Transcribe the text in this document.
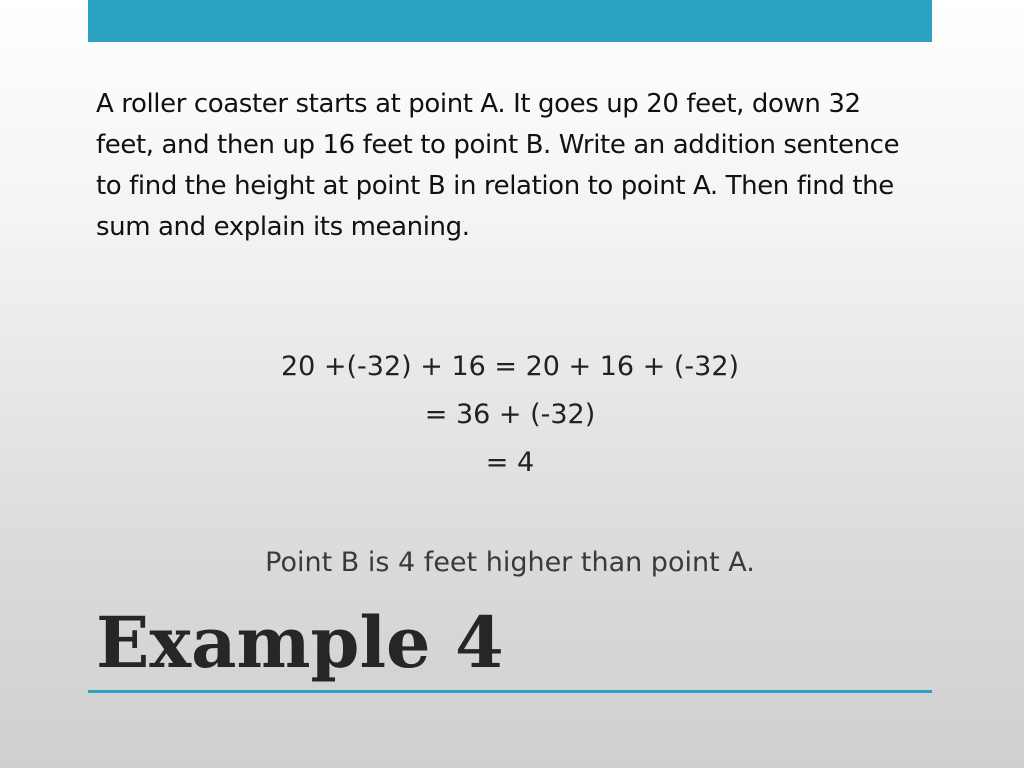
A roller coaster starts at point A. It goes up 20 feet, down 32 feet, and then up 16 feet to point B. Write an addition sentence to find the height at point B in relation to point A. Then find the sum and explain its meaning.
20 +(-32) + 16 = 20 + 16 + (-32)
= 36 + (-32)
= 4
Point B is 4 feet higher than point A.
Example 4
